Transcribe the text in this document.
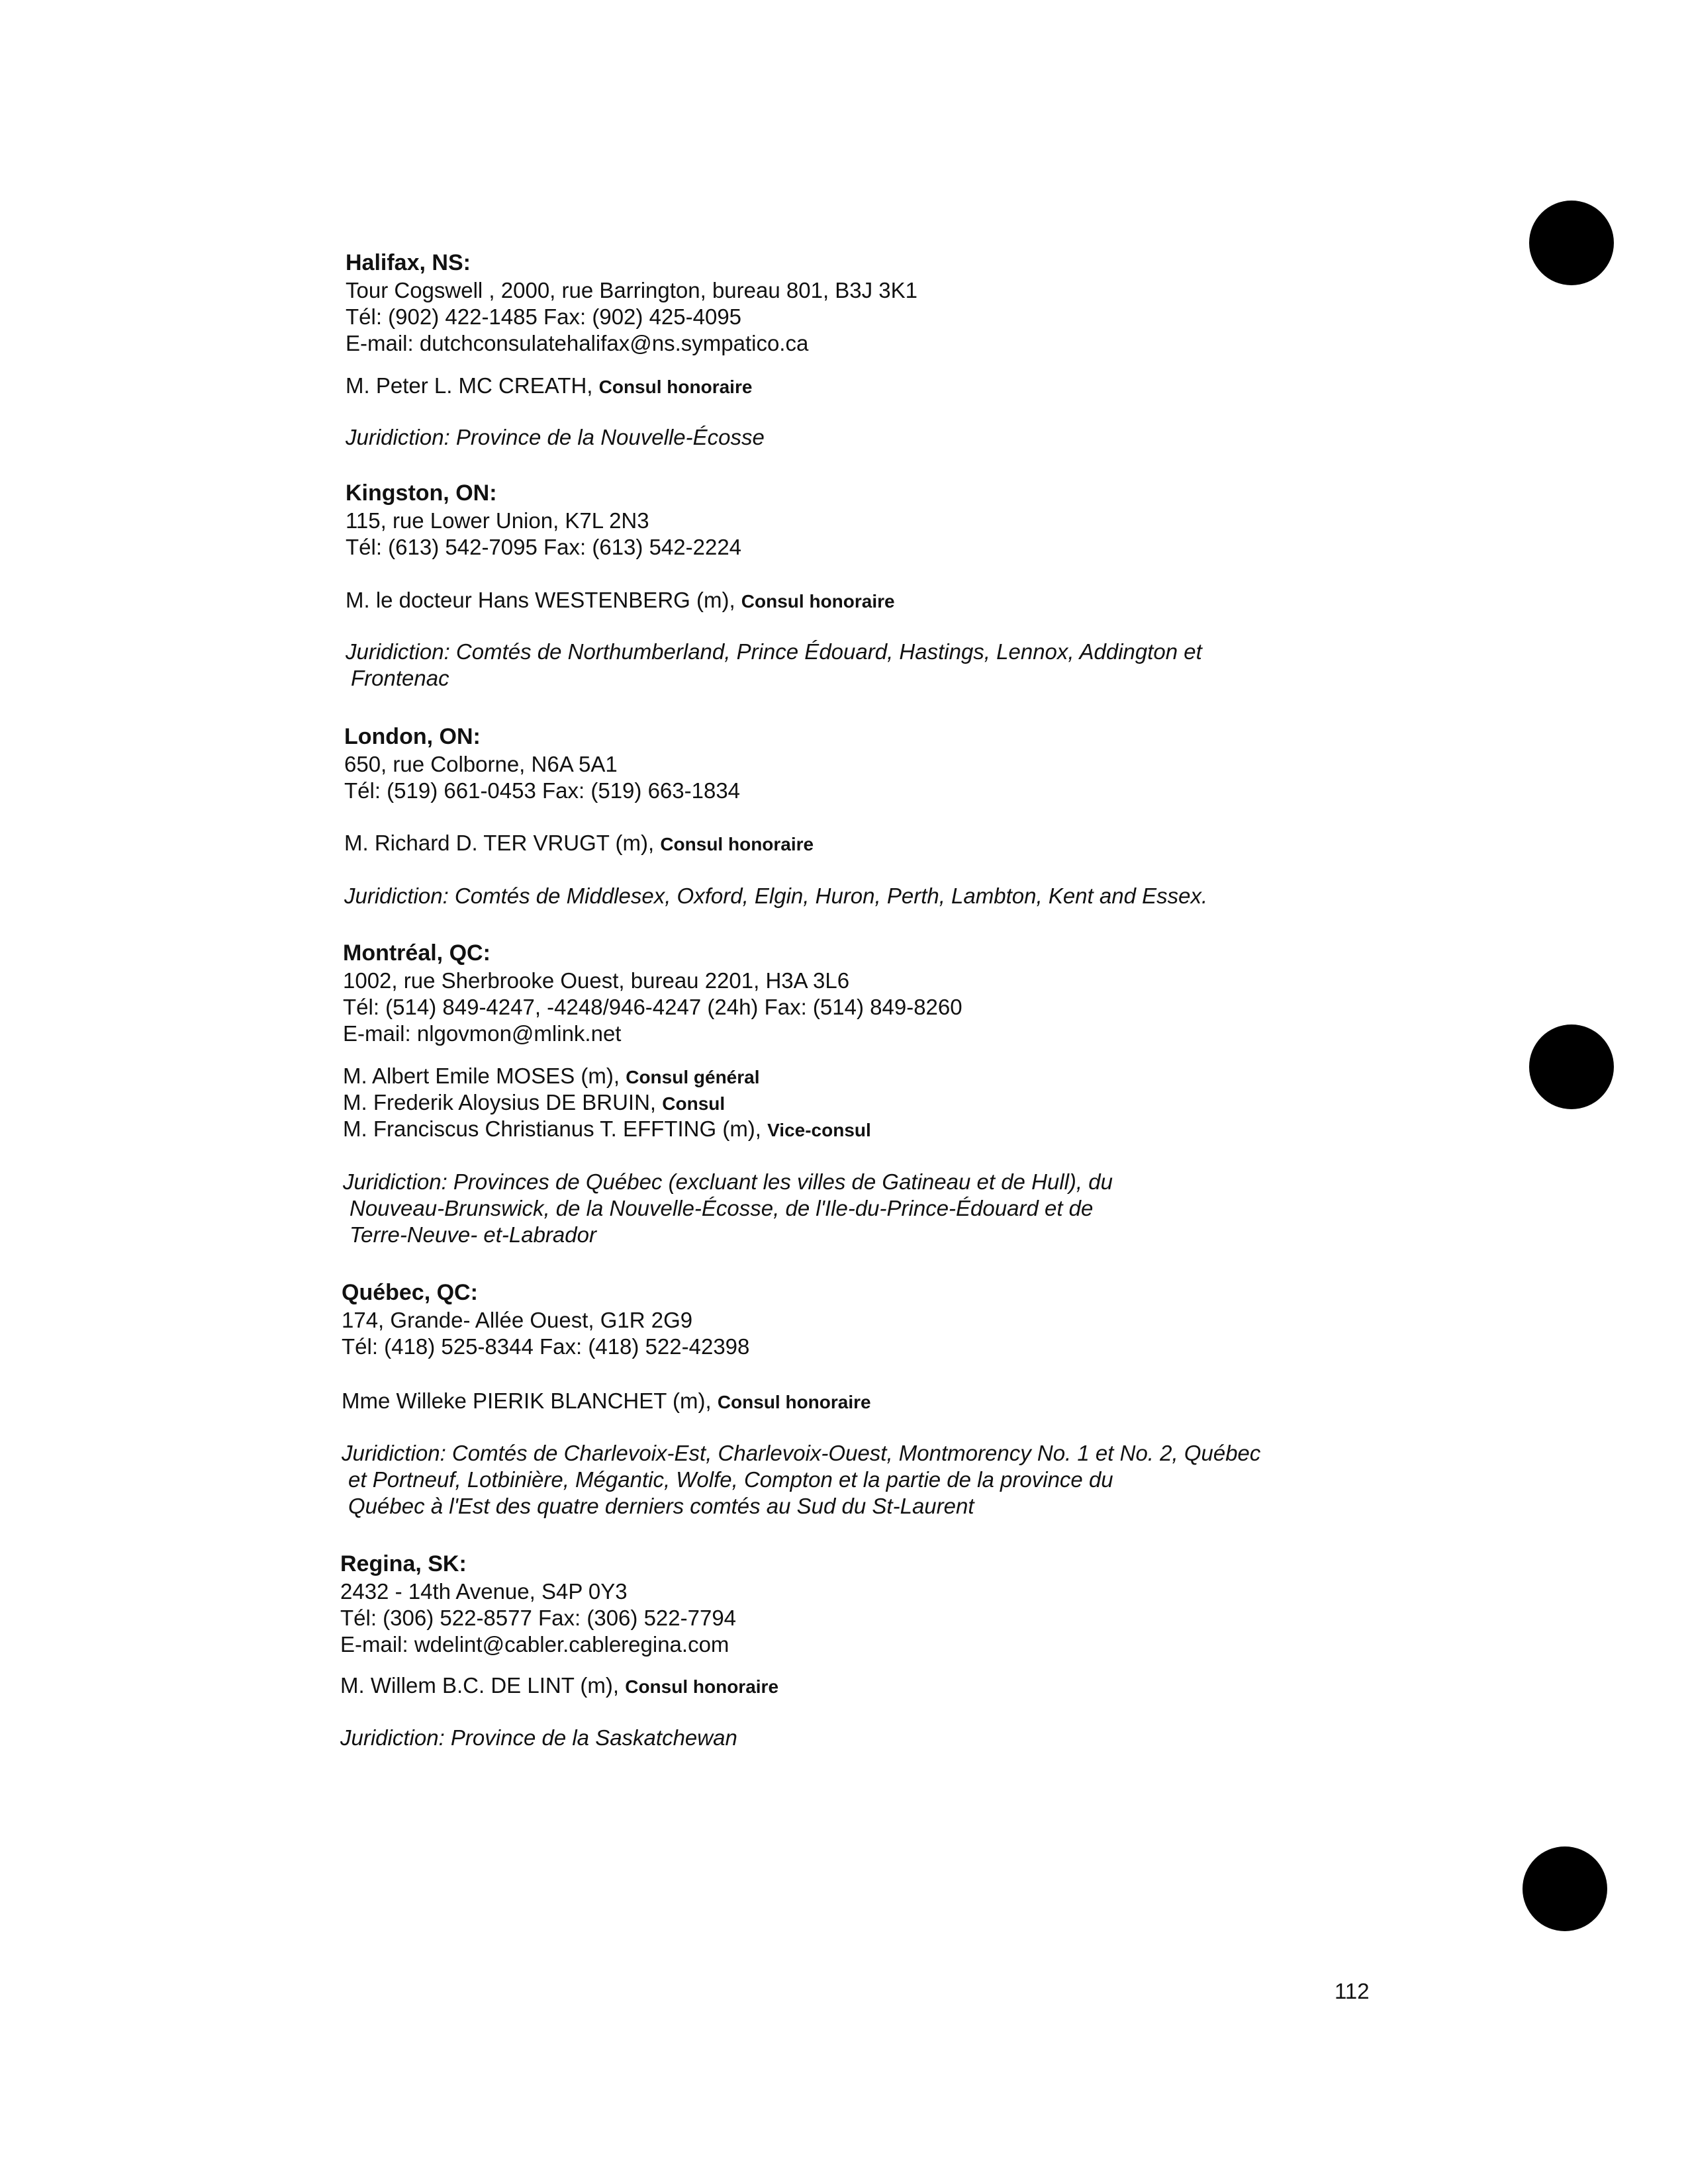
Halifax, NS:
Tour Cogswell , 2000, rue Barrington, bureau 801, B3J 3K1
Tél: (902) 422-1485 Fax: (902) 425-4095
E-mail: dutchconsulatehalifax@ns.sympatico.ca
M. Peter L. MC CREATH, Consul honoraire
Juridiction: Province de la Nouvelle-Écosse
Kingston, ON:
115, rue Lower Union, K7L 2N3
Tél: (613) 542-7095 Fax: (613) 542-2224
M. le docteur Hans WESTENBERG (m), Consul honoraire
Juridiction: Comtés de Northumberland, Prince Édouard, Hastings, Lennox, Addington et
Frontenac
London, ON:
650, rue Colborne, N6A 5A1
Tél: (519) 661-0453 Fax: (519) 663-1834
M. Richard D. TER VRUGT (m), Consul honoraire
Juridiction: Comtés de Middlesex, Oxford, Elgin, Huron, Perth, Lambton, Kent and Essex.
Montréal, QC:
1002, rue Sherbrooke Ouest, bureau 2201, H3A 3L6
Tél: (514) 849-4247, -4248/946-4247 (24h) Fax: (514) 849-8260
E-mail: nlgovmon@mlink.net
M. Albert Emile MOSES (m), Consul général
M. Frederik Aloysius DE BRUIN, Consul
M. Franciscus Christianus T. EFFTING (m), Vice-consul
Juridiction: Provinces de Québec (excluant les villes de Gatineau et de Hull), du
Nouveau-Brunswick, de la Nouvelle-Écosse, de l'Ile-du-Prince-Édouard et de
Terre-Neuve- et-Labrador
Québec, QC:
174, Grande- Allée Ouest, G1R 2G9
Tél: (418) 525-8344 Fax: (418) 522-42398
Mme Willeke PIERIK BLANCHET (m), Consul honoraire
Juridiction: Comtés de Charlevoix-Est, Charlevoix-Ouest, Montmorency No. 1 et No. 2, Québec
et Portneuf, Lotbinière, Mégantic, Wolfe, Compton et la partie de la province du
Québec à l'Est des quatre derniers comtés au Sud du St-Laurent
Regina, SK:
2432 - 14th Avenue, S4P 0Y3
Tél: (306) 522-8577 Fax: (306) 522-7794
E-mail: wdelint@cabler.cableregina.com
M. Willem B.C. DE LINT (m), Consul honoraire
Juridiction: Province de la Saskatchewan
112
